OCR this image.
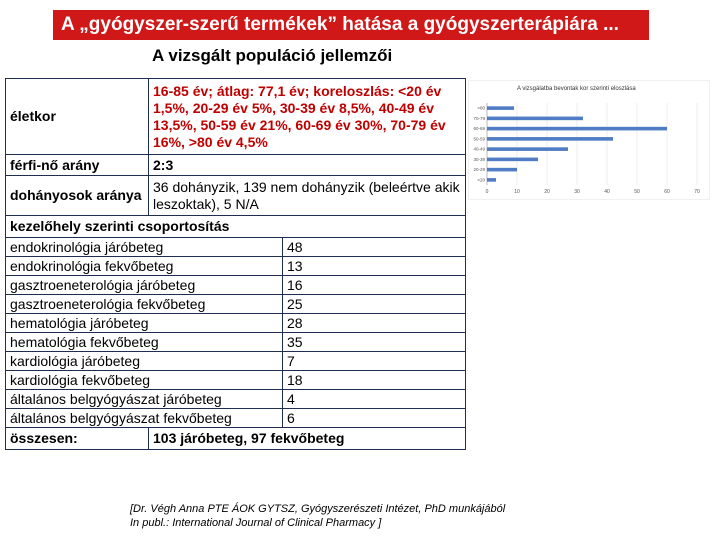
A „gyógyszer-szerű termékek” hatása a gyógyszerterápiára ...
A vizsgált populáció jellemzői
életkor	16-85 év; átlag: 77,1 év; koreloszlás: <20 év 1,5%, 20-29 év 5%, 30-39 év 8,5%, 40-49 év 13,5%, 50-59 év 21%, 60-69 év 30%, 70-79 év 16%, >80 év 4,5%	
férfi-nő arány	2:3	
dohányosok aránya	36 dohányzik, 139 nem dohányzik (beleértve akik leszoktak), 5 N/A	
kezelőhely szerinti csoportosítás		
endokrinológia járóbeteg		48
endokrinológia fekvőbeteg		13
gasztroeneterológia járóbeteg		16
gasztroeneterológia fekvőbeteg		25
hematológia járóbeteg		28
hematológia fekvőbeteg		35
kardiológia járóbeteg		7
kardiológia fekvőbeteg		18
általános belgyógyászat járóbeteg		4
általános belgyógyászat fekvőbeteg		6
összesen:	103 járóbeteg, 97 fekvőbeteg	
A vizsgálatba bevontak kor szerinti eloszlása
0	10	20	30	40	50	60	70
>80
70-79
60-69
50-59
40-49
30-39
20-29
<20
[Dr. Végh Anna PTE ÁOK GYTSZ, Gyógyszerészeti Intézet, PhD munkájából
In publ.: International Journal of Clinical Pharmacy ]
